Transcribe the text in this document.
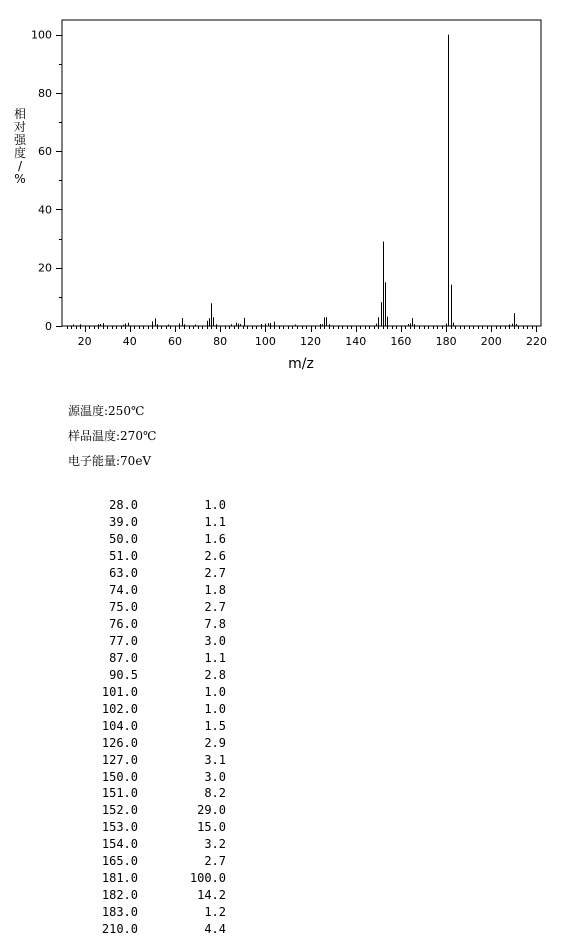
20	40	60	80	100 120 140 160 180 200 220
0
20
40
60
80
100
m/z
相
对
强
度
/
%
源温度:250℃
样品温度:270℃
电子能量:70eV
28.0	1.0
39.0	1.1
50.0	1.6
51.0	2.6
63.0	2.7
74.0	1.8
75.0	2.7
76.0	7.8
77.0	3.0
87.0	1.1
90.5	2.8
101.0	1.0
102.0	1.0
104.0	1.5
126.0	2.9
127.0	3.1
150.0	3.0
151.0	8.2
152.0	29.0
153.0	15.0
154.0	3.2
165.0	2.7
181.0	100.0
182.0	14.2
183.0	1.2
210.0	4.4
